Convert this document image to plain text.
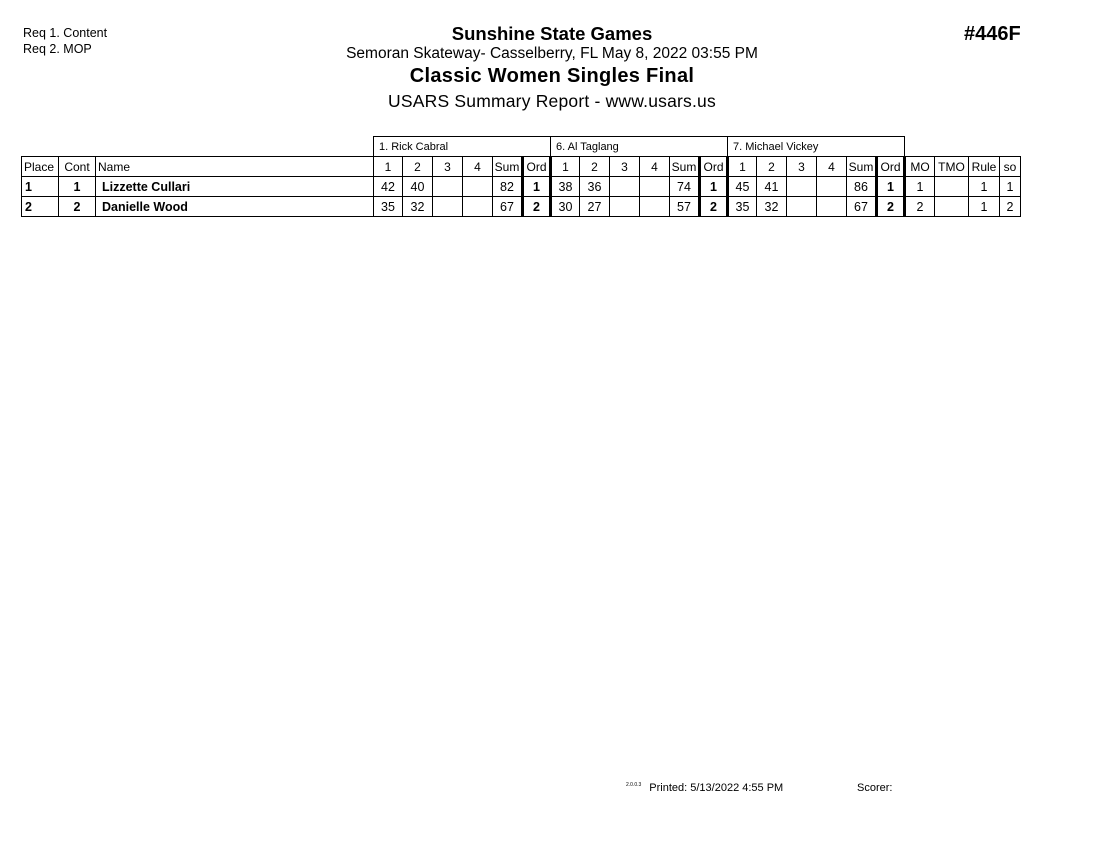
Req 1. Content
Req 2. MOP
Sunshine State Games
Semoran Skateway- Casselberry, FL May 8, 2022 03:55 PM
Classic Women Singles Final
USARS Summary Report - www.usars.us
#446F
			1. Rick Cabral						6. Al Taglang						7. Michael Vickey									
Place	Cont	Name	1	2	3	4	Sum	Ord	1	2	3	4	Sum	Ord	1	2	3	4	Sum	Ord	MO	TMO	Rule	so
1	1	Lizzette Cullari	42	40			82	1	38	36			74	1	45	41			86	1	1		1	1
2	2	Danielle Wood	35	32			67	2	30	27			57	2	35	32			67	2	2		1	2
$^{2.0.0.3}$ Printed: 5/13/2022 4:55 PM	Scorer:
